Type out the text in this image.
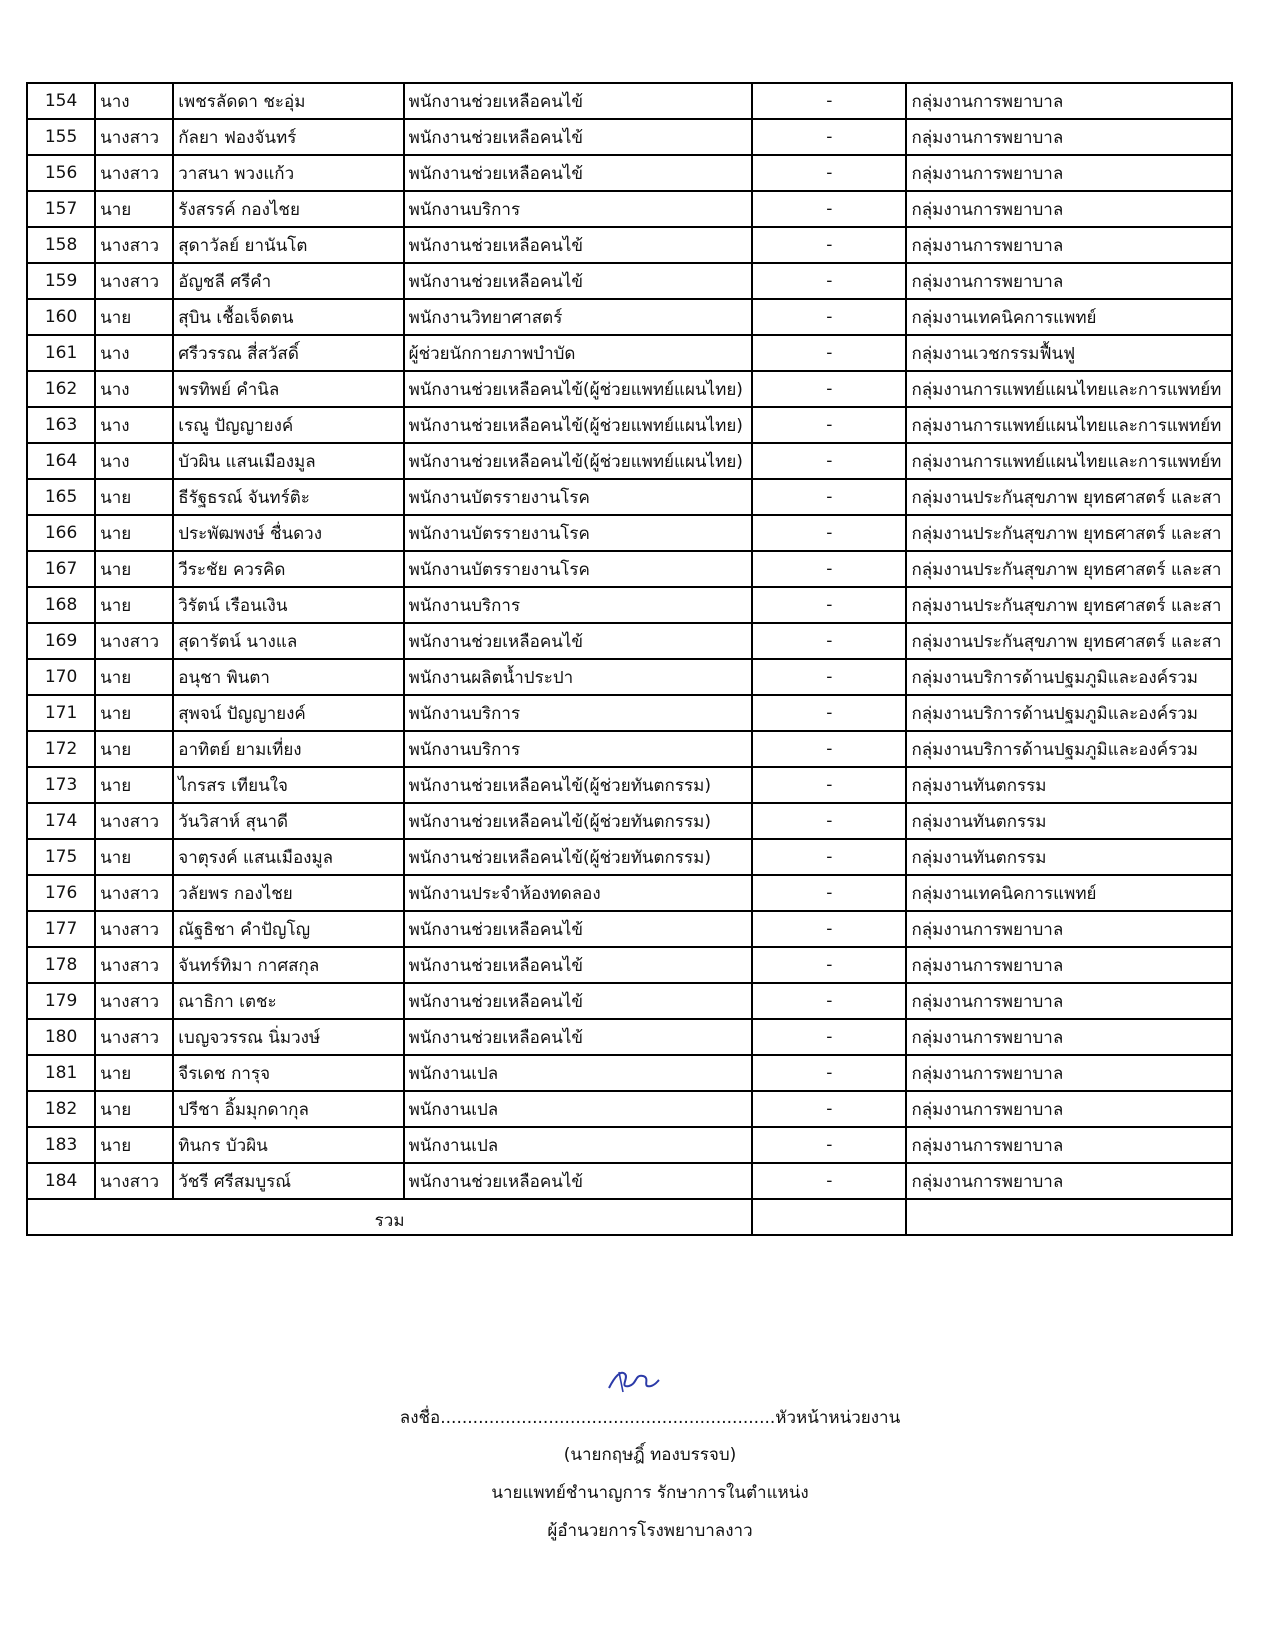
154	นาง	เพชรลัดดา ชะอุ่ม	พนักงานช่วยเหลือคนไข้	-	กลุ่มงานการพยาบาล
155	นางสาว	กัลยา ฟองจันทร์	พนักงานช่วยเหลือคนไข้	-	กลุ่มงานการพยาบาล
156	นางสาว	วาสนา พวงแก้ว	พนักงานช่วยเหลือคนไข้	-	กลุ่มงานการพยาบาล
157	นาย	รังสรรค์ กองไชย	พนักงานบริการ	-	กลุ่มงานการพยาบาล
158	นางสาว	สุดาวัลย์ ยานันโต	พนักงานช่วยเหลือคนไข้	-	กลุ่มงานการพยาบาล
159	นางสาว	อัญชลี ศรีคำ	พนักงานช่วยเหลือคนไข้	-	กลุ่มงานการพยาบาล
160	นาย	สุบิน เชื้อเจ็ดตน	พนักงานวิทยาศาสตร์	-	กลุ่มงานเทคนิคการแพทย์
161	นาง	ศรีวรรณ สี่สวัสดิ์	ผู้ช่วยนักกายภาพบำบัด	-	กลุ่มงานเวชกรรมฟื้นฟู
162	นาง	พรทิพย์ คำนิล	พนักงานช่วยเหลือคนไข้(ผู้ช่วยแพทย์แผนไทย)	-	กลุ่มงานการแพทย์แผนไทยและการแพทย์ท
163	นาง	เรณู ปัญญายงค์	พนักงานช่วยเหลือคนไข้(ผู้ช่วยแพทย์แผนไทย)	-	กลุ่มงานการแพทย์แผนไทยและการแพทย์ท
164	นาง	บัวผิน แสนเมืองมูล	พนักงานช่วยเหลือคนไข้(ผู้ช่วยแพทย์แผนไทย)	-	กลุ่มงานการแพทย์แผนไทยและการแพทย์ท
165	นาย	ธีรัฐธรณ์ จันทร์ติะ	พนักงานบัตรรายงานโรค	-	กลุ่มงานประกันสุขภาพ ยุทธศาสตร์ และสา
166	นาย	ประพัฒพงษ์ ชื่นดวง	พนักงานบัตรรายงานโรค	-	กลุ่มงานประกันสุขภาพ ยุทธศาสตร์ และสา
167	นาย	วีระชัย ควรคิด	พนักงานบัตรรายงานโรค	-	กลุ่มงานประกันสุขภาพ ยุทธศาสตร์ และสา
168	นาย	วิรัตน์ เรือนเงิน	พนักงานบริการ	-	กลุ่มงานประกันสุขภาพ ยุทธศาสตร์ และสา
169	นางสาว	สุดารัตน์ นางแล	พนักงานช่วยเหลือคนไข้	-	กลุ่มงานประกันสุขภาพ ยุทธศาสตร์ และสา
170	นาย	อนุชา พินตา	พนักงานผลิตน้ำประปา	-	กลุ่มงานบริการด้านปฐมภูมิและองค์รวม
171	นาย	สุพจน์ ปัญญายงค์	พนักงานบริการ	-	กลุ่มงานบริการด้านปฐมภูมิและองค์รวม
172	นาย	อาทิตย์ ยามเที่ยง	พนักงานบริการ	-	กลุ่มงานบริการด้านปฐมภูมิและองค์รวม
173	นาย	ไกรสร เทียนใจ	พนักงานช่วยเหลือคนไข้(ผู้ช่วยทันตกรรม)	-	กลุ่มงานทันตกรรม
174	นางสาว	วันวิสาห์ สุนาดี	พนักงานช่วยเหลือคนไข้(ผู้ช่วยทันตกรรม)	-	กลุ่มงานทันตกรรม
175	นาย	จาตุรงค์ แสนเมืองมูล	พนักงานช่วยเหลือคนไข้(ผู้ช่วยทันตกรรม)	-	กลุ่มงานทันตกรรม
176	นางสาว	วลัยพร กองไชย	พนักงานประจำห้องทดลอง	-	กลุ่มงานเทคนิคการแพทย์
177	นางสาว	ณัฐธิชา คำปัญโญ	พนักงานช่วยเหลือคนไข้	-	กลุ่มงานการพยาบาล
178	นางสาว	จันทร์ทิมา กาศสกุล	พนักงานช่วยเหลือคนไข้	-	กลุ่มงานการพยาบาล
179	นางสาว	ณาธิกา เตชะ	พนักงานช่วยเหลือคนไข้	-	กลุ่มงานการพยาบาล
180	นางสาว	เบญจวรรณ นิ่มวงษ์	พนักงานช่วยเหลือคนไข้	-	กลุ่มงานการพยาบาล
181	นาย	จีรเดช การุจ	พนักงานเปล	-	กลุ่มงานการพยาบาล
182	นาย	ปรีชา อิ้มมุกดากุล	พนักงานเปล	-	กลุ่มงานการพยาบาล
183	นาย	ทินกร บัวผิน	พนักงานเปล	-	กลุ่มงานการพยาบาล
184	นางสาว	วัชรี ศรีสมบูรณ์	พนักงานช่วยเหลือคนไข้	-	กลุ่มงานการพยาบาล
รวม					
ลงชื่อ..............................................................หัวหน้าหน่วยงาน
(นายกฤษฎิ์ ทองบรรจบ)
นายแพทย์ชำนาญการ รักษาการในตำแหน่ง
ผู้อำนวยการโรงพยาบาลงาว
